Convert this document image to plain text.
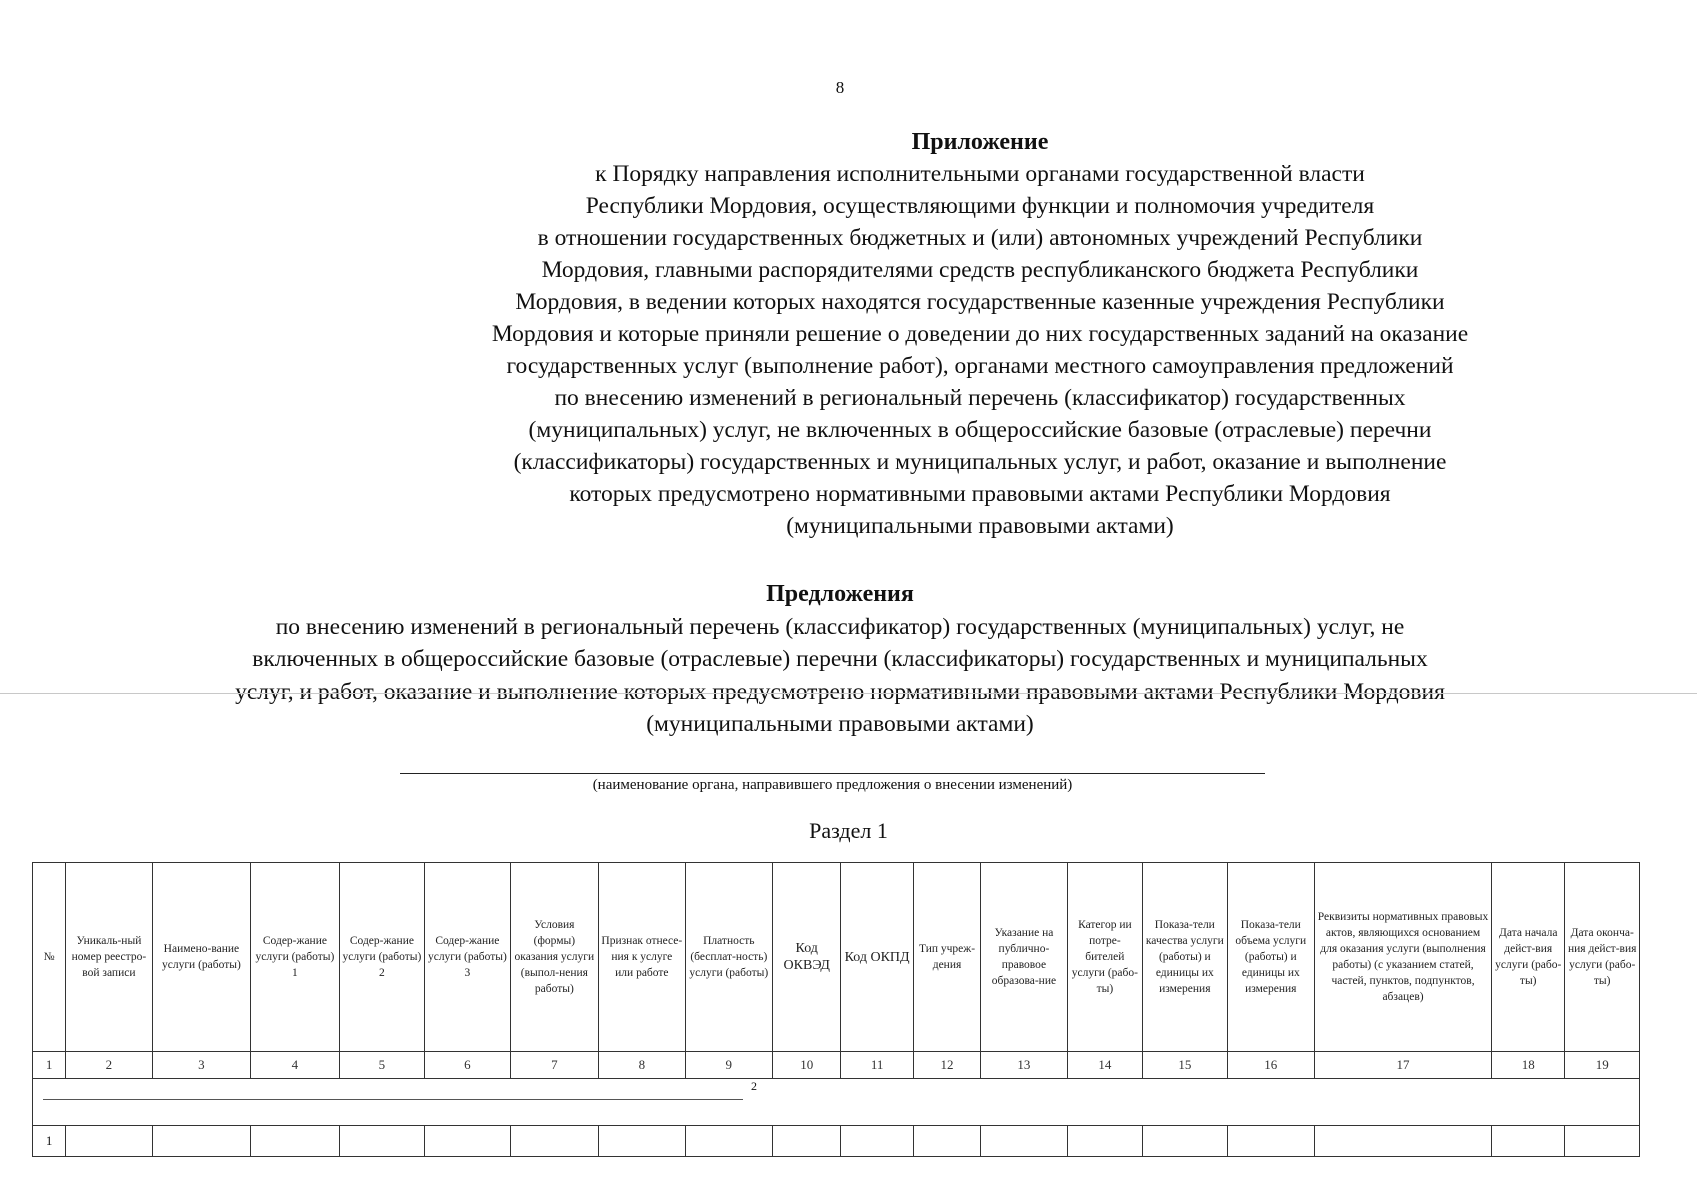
8

Приложение

к Порядку направления исполнительными органами государственной власти

Республики Мордовия, осуществляющими функции и полномочия учредителя

в отношении государственных бюджетных и (или) автономных учреждений Республики

Мордовия, главными распорядителями средств республиканского бюджета Республики

Мордовия, в ведении которых находятся государственные казенные учреждения Республики

Мордовия и которые приняли решение о доведении до них государственных заданий на оказание

государственных услуг (выполнение работ), органами местного самоуправления предложений

по внесению изменений в региональный перечень (классификатор) государственных

(муниципальных) услуг, не включенных в общероссийские базовые (отраслевые) перечни

(классификаторы) государственных и муниципальных услуг, и работ, оказание и выполнение

которых предусмотрено нормативными правовыми актами Республики Мордовия

(муниципальными правовыми актами)

Предложения

по внесению изменений в региональный перечень (классификатор) государственных (муниципальных) услуг, не

включенных в общероссийские базовые (отраслевые) перечни (классификаторы) государственных и муниципальных

услуг, и работ, оказание и выполнение которых предусмотрено нормативными правовыми актами Республики Мордовия

(муниципальными правовыми актами)

(наименование органа, направившего предложения о внесении изменений)
Раздел 1
№	Уникаль-ный номер реестро-вой записи	Наимено-вание услуги (работы)	Содер-жание услуги (работы) 1	Содер-жание услуги (работы) 2	Содер-жание услуги (работы) 3	Условия (формы) оказания услуги (выпол-нения работы)	Признак отнесе-ния к услуге или работе	Платность (бесплат-ность) услуги (работы)	Код ОКВЭД	Код ОКПД	Тип учреж-дения	Указание на публично-правовое образова-ние	Категор ии потре-бителей услуги (рабо-ты)	Показа-тели качества услуги (работы) и единицы их измерения	Показа-тели объема услуги (работы) и единицы их измерения	Реквизиты нормативных правовых актов, являющихся основанием для оказания услуги (выполнения работы) (с указанием статей, частей, пунктов, подпунктов, абзацев)	Дата начала дейст-вия услуги (рабо-ты)	Дата оконча-ния дейст-вия услуги (рабо-ты)
1	2	3	4	5	6	7	8	9	10	11	12	13	14	15	16	17	18	19

2																		

1																		
